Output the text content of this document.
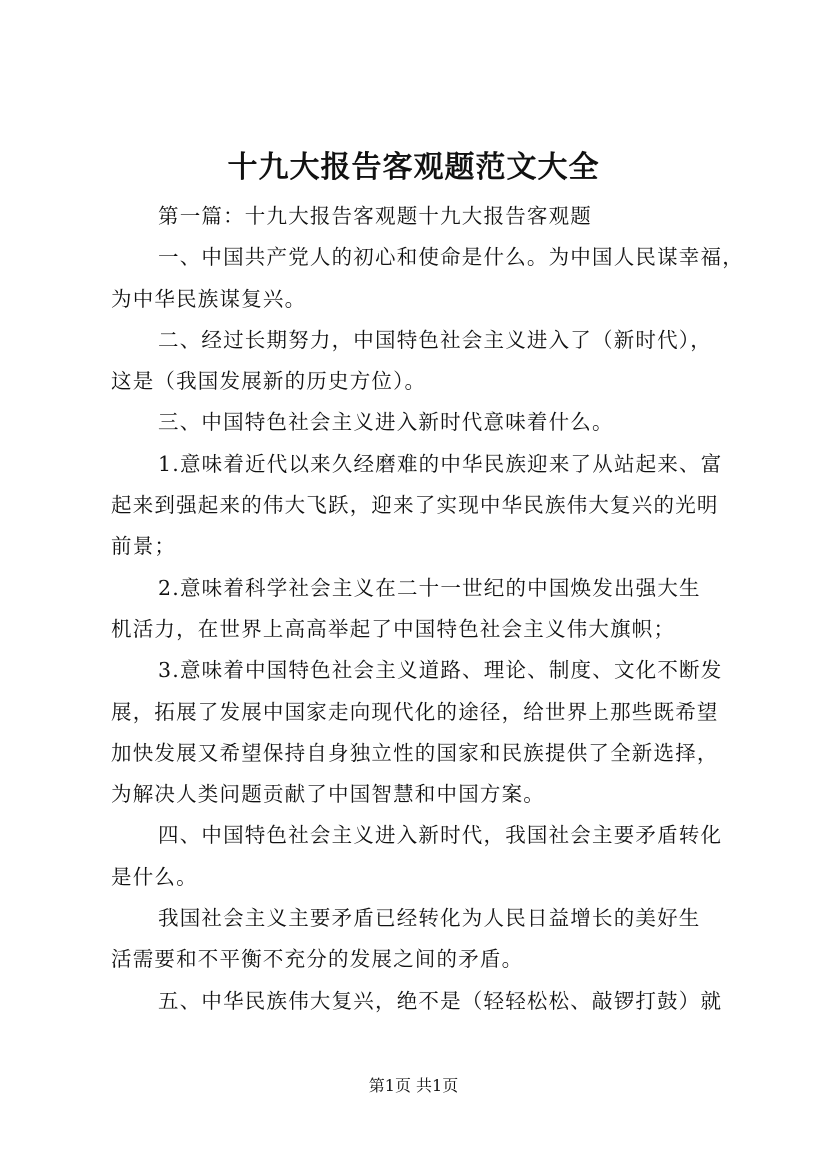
十九大报告客观题范文大全
第一篇：十九大报告客观题十九大报告客观题
一、中国共产党人的初心和使命是什么。为中国人民谋幸福，
为中华民族谋复兴。
二、经过长期努力，中国特色社会主义进入了（新时代），
这是（我国发展新的历史方位）。
三、中国特色社会主义进入新时代意味着什么。
1.意味着近代以来久经磨难的中华民族迎来了从站起来、富
起来到强起来的伟大飞跃，迎来了实现中华民族伟大复兴的光明
前景；
2.意味着科学社会主义在二十一世纪的中国焕发出强大生
机活力，在世界上高高举起了中国特色社会主义伟大旗帜；
3.意味着中国特色社会主义道路、理论、制度、文化不断发
展，拓展了发展中国家走向现代化的途径，给世界上那些既希望
加快发展又希望保持自身独立性的国家和民族提供了全新选择，
为解决人类问题贡献了中国智慧和中国方案。
四、中国特色社会主义进入新时代，我国社会主要矛盾转化
是什么。
我国社会主义主要矛盾已经转化为人民日益增长的美好生
活需要和不平衡不充分的发展之间的矛盾。
五、中华民族伟大复兴，绝不是（轻轻松松、敲锣打鼓）就
第1页 共1页
